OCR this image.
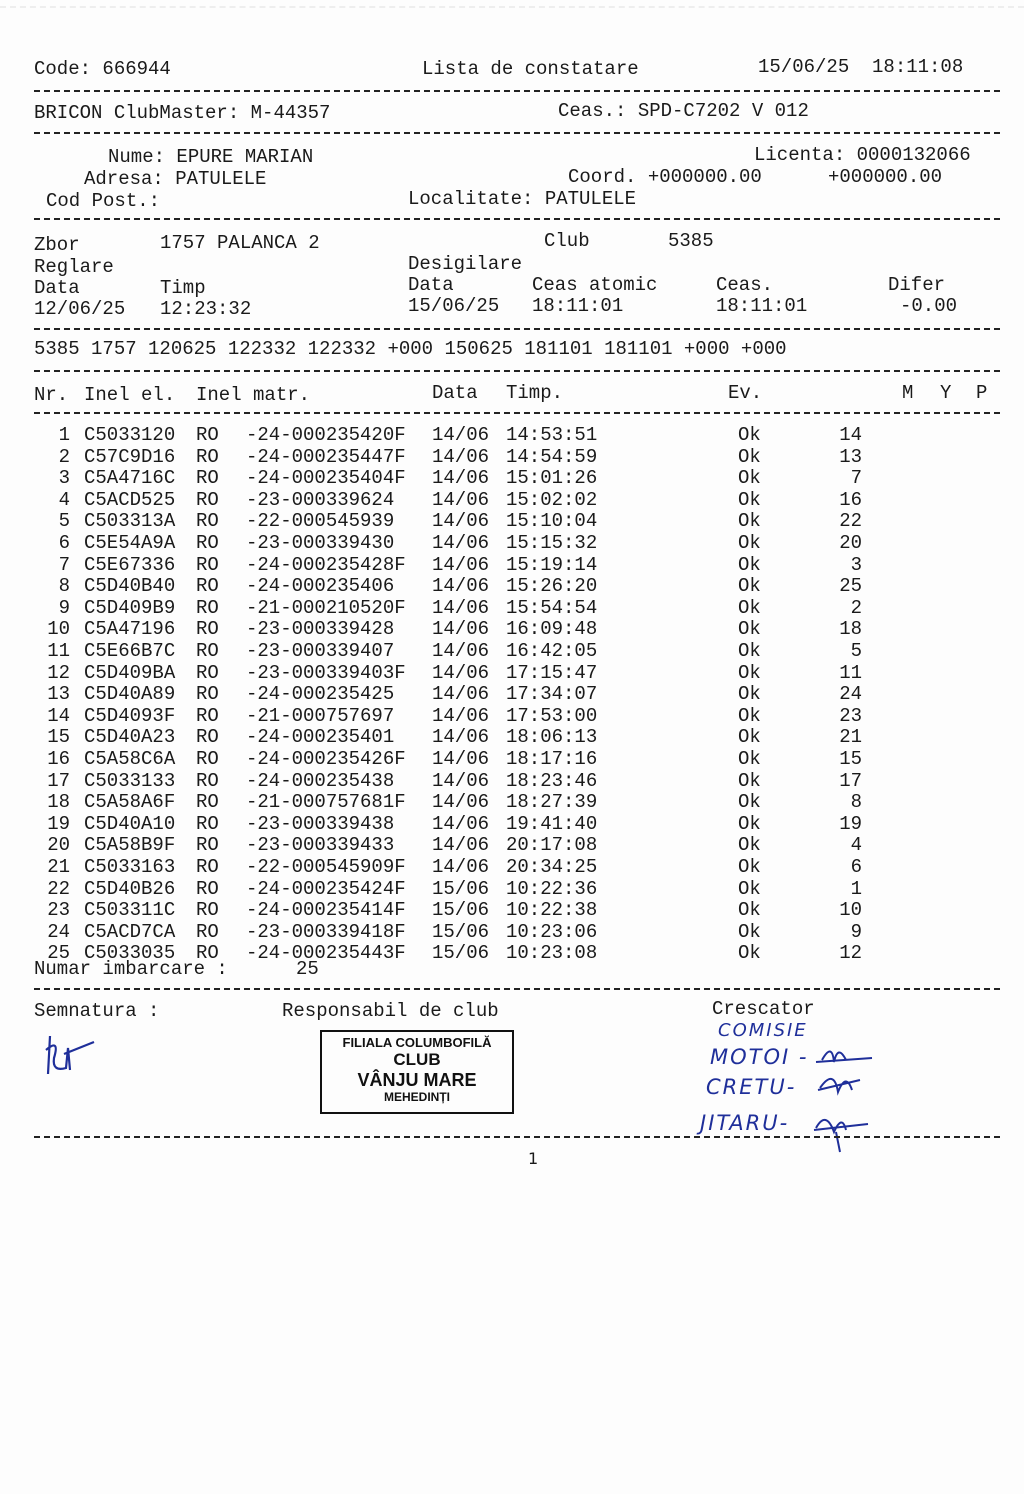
Code: 666944	Lista de constatare	15/06/25  18:11:08
BRICON ClubMaster: M-44357	Ceas.: SPD-C7202 V 012
Nume: EPURE MARIAN	Licenta: 0000132066
Adresa: PATULELE	Coord. +000000.00	+000000.00
Cod Post.:	Localitate: PATULELE
Zbor	1757 PALANCA 2	Club	5385
Reglare	Desigilare
Data	Timp	Data	Ceas atomic	Ceas.	Difer
12/06/25 12:23:32	15/06/25 18:11:01	18:11:01	-0.00
5385 1757 120625 122332 122332 +000 150625 181101 181101 +000 +000
Nr. Inel el. Inel matr.	Data Timp.	Ev.	M Y P
1 C5033120 RO -24-000235420F 14/06 14:53:51	Ok	14
2 C57C9D16 RO -24-000235447F 14/06 14:54:59	Ok	13
3 C5A4716C RO -24-000235404F 14/06 15:01:26	Ok	7
4 C5ACD525 RO -23-000339624 14/06 15:02:02	Ok	16
5 C503313A RO -22-000545939 14/06 15:10:04	Ok	22
6 C5E54A9A RO -23-000339430 14/06 15:15:32	Ok	20
7 C5E67336 RO -24-000235428F 14/06 15:19:14	Ok	3
8 C5D40B40 RO -24-000235406 14/06 15:26:20	Ok	25
9 C5D409B9 RO -21-000210520F 14/06 15:54:54	Ok	2
10 C5A47196 RO -23-000339428 14/06 16:09:48	Ok	18
11 C5E66B7C RO -23-000339407 14/06 16:42:05	Ok	5
12 C5D409BA RO -23-000339403F 14/06 17:15:47	Ok	11
13 C5D40A89 RO -24-000235425 14/06 17:34:07	Ok	24
14 C5D4093F RO -21-000757697 14/06 17:53:00	Ok	23
15 C5D40A23 RO -24-000235401 14/06 18:06:13	Ok	21
16 C5A58C6A RO -24-000235426F 14/06 18:17:16	Ok	15
17 C5033133 RO -24-000235438 14/06 18:23:46	Ok	17
18 C5A58A6F RO -21-000757681F 14/06 18:27:39	Ok	8
19 C5D40A10 RO -23-000339438 14/06 19:41:40	Ok	19
20 C5A58B9F RO -23-000339433 14/06 20:17:08	Ok	4
21 C5033163 RO -22-000545909F 14/06 20:34:25	Ok	6
22 C5D40B26 RO -24-000235424F 15/06 10:22:36	Ok	1
23 C503311C RO -24-000235414F 15/06 10:22:38	Ok	10
24 C5ACD7CA RO -23-000339418F 15/06 10:23:06	Ok	9
25 C5033035 RO -24-000235443F 15/06 10:23:08	Ok	12
Numar imbarcare :	25
Semnatura :	Responsabil de club	Crescator
FILIALA COLUMBOFILĂ
CLUB
VÂNJU MARE
MEHEDINȚI
COMISIE
MOTOI -
CRETU-
JITARU-
1
